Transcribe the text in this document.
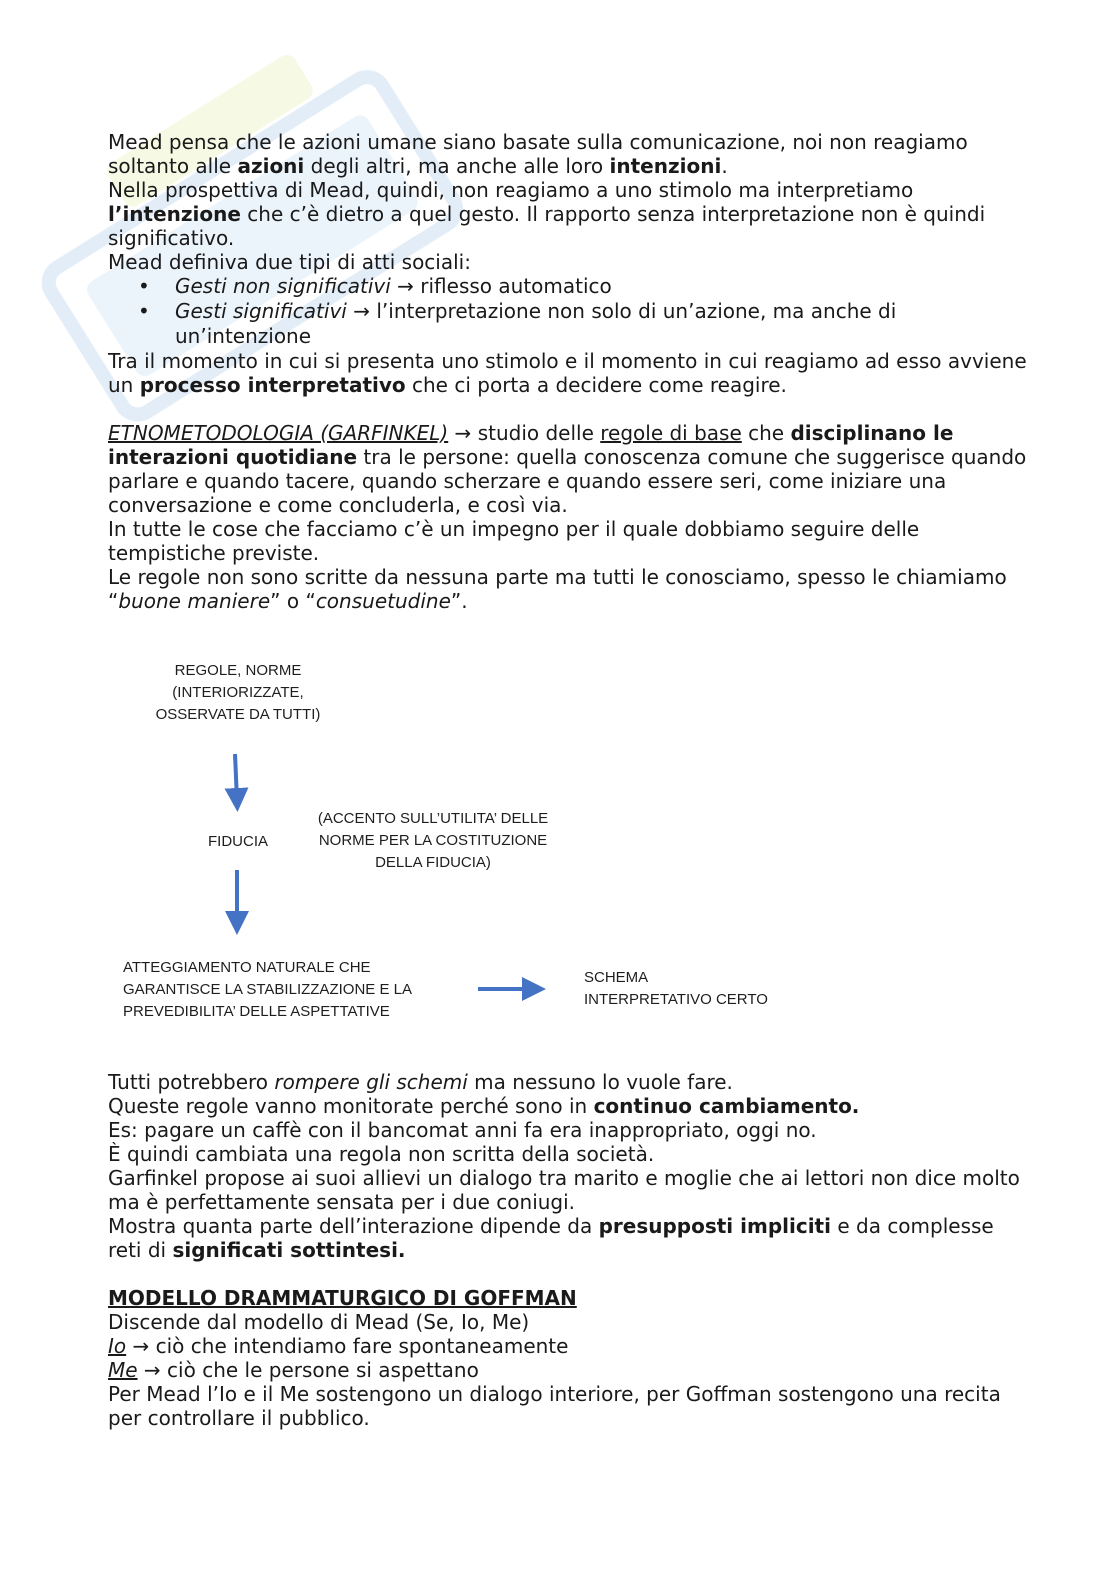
Mead pensa che le azioni umane siano basate sulla comunicazione, noi non reagiamo soltanto alle azioni degli altri, ma anche alle loro intenzioni.

Nella prospettiva di Mead, quindi, non reagiamo a uno stimolo ma interpretiamo l’intenzione che c’è dietro a quel gesto. Il rapporto senza interpretazione non è quindi significativo.

Mead definiva due tipi di atti sociali:

• Gesti non significativi → riflesso automatico
• Gesti significativi → l’interpretazione non solo di un’azione, ma anche di un’intenzione

Tra il momento in cui si presenta uno stimolo e il momento in cui reagiamo ad esso avviene un processo interpretativo che ci porta a decidere come reagire.

ETNOMETODOLOGIA (GARFINKEL) → studio delle regole di base che disciplinano le interazioni quotidiane tra le persone: quella conoscenza comune che suggerisce quando parlare e quando tacere, quando scherzare e quando essere seri, come iniziare una conversazione e come concluderla, e così via.

In tutte le cose che facciamo c’è un impegno per il quale dobbiamo seguire delle tempistiche previste.

Le regole non sono scritte da nessuna parte ma tutti le conosciamo, spesso le chiamiamo “buone maniere” o “consuetudine”.

REGOLE, NORME
(INTERIORIZZATE,
OSSERVATE DA TUTTI)
FIDUCIA
(ACCENTO SULL’UTILITA’ DELLE
NORME PER LA COSTITUZIONE
DELLA FIDUCIA)
ATTEGGIAMENTO NATURALE CHE
GARANTISCE LA STABILIZZAZIONE E LA
PREVEDIBILITA’ DELLE ASPETTATIVE
SCHEMA
INTERPRETATIVO CERTO

Tutti potrebbero rompere gli schemi ma nessuno lo vuole fare.

Queste regole vanno monitorate perché sono in continuo cambiamento.

Es: pagare un caffè con il bancomat anni fa era inappropriato, oggi no.

È quindi cambiata una regola non scritta della società.

Garfinkel propose ai suoi allievi un dialogo tra marito e moglie che ai lettori non dice molto ma è perfettamente sensata per i due coniugi.

Mostra quanta parte dell’interazione dipende da presupposti impliciti e da complesse reti di significati sottintesi.

MODELLO DRAMMATURGICO DI GOFFMAN

Discende dal modello di Mead (Se, Io, Me)

Io → ciò che intendiamo fare spontaneamente

Me → ciò che le persone si aspettano

Per Mead l’Io e il Me sostengono un dialogo interiore, per Goffman sostengono una recita per controllare il pubblico.
